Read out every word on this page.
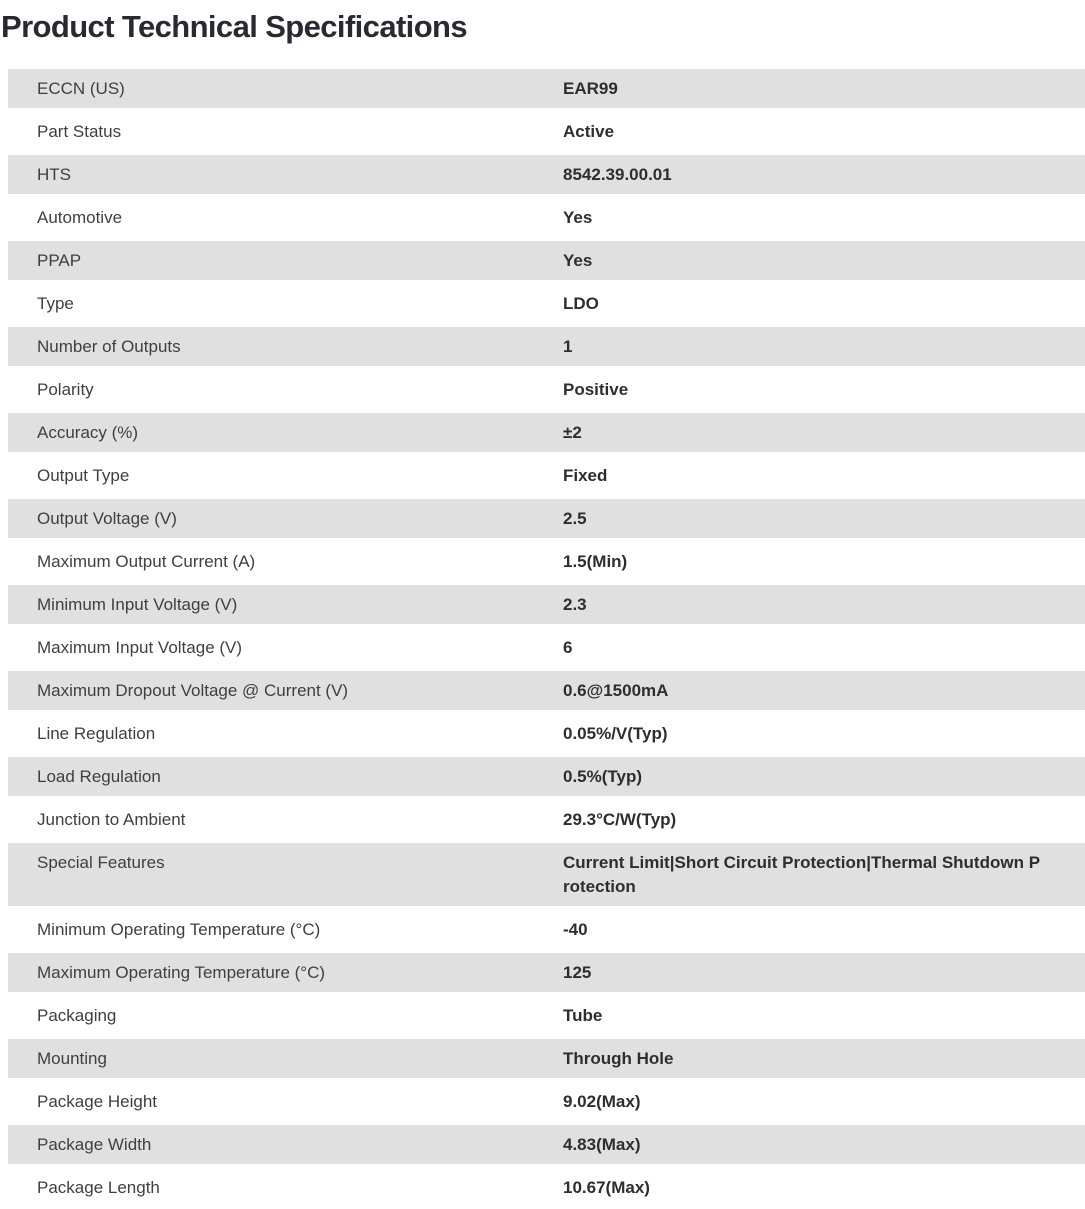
Product Technical Specifications
ECCN (US)	EAR99
Part Status	Active
HTS	8542.39.00.01
Automotive	Yes
PPAP	Yes
Type	LDO
Number of Outputs	1
Polarity	Positive
Accuracy (%)	±2
Output Type	Fixed
Output Voltage (V)	2.5
Maximum Output Current (A)	1.5(Min)
Minimum Input Voltage (V)	2.3
Maximum Input Voltage (V)	6
Maximum Dropout Voltage @ Current (V)	0.6@1500mA
Line Regulation	0.05%/V(Typ)
Load Regulation	0.5%(Typ)
Junction to Ambient	29.3°C/W(Typ)
Special Features	Current Limit|Short Circuit Protection|Thermal Shutdown Protection
Minimum Operating Temperature (°C)	-40
Maximum Operating Temperature (°C)	125
Packaging	Tube
Mounting	Through Hole
Package Height	9.02(Max)
Package Width	4.83(Max)
Package Length	10.67(Max)
